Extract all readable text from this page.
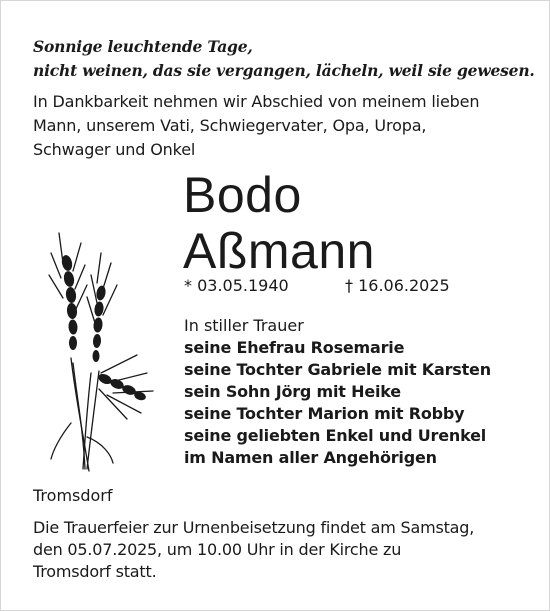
Sonnige leuchtende Tage,
nicht weinen, das sie vergangen, lächeln, weil sie gewesen.
In Dankbarkeit nehmen wir Abschied von meinem lieben
Mann, unserem Vati, Schwiegervater, Opa, Uropa,
Schwager und Onkel
Bodo
Aßmann
* 03.05.1940	† 16.06.2025
In stiller Trauer
seine Ehefrau Rosemarie
seine Tochter Gabriele mit Karsten
sein Sohn Jörg mit Heike
seine Tochter Marion mit Robby
seine geliebten Enkel und Urenkel
im Namen aller Angehörigen
Tromsdorf
Die Trauerfeier zur Urnenbeisetzung findet am Samstag,
den 05.07.2025, um 10.00 Uhr in der Kirche zu
Tromsdorf statt.
